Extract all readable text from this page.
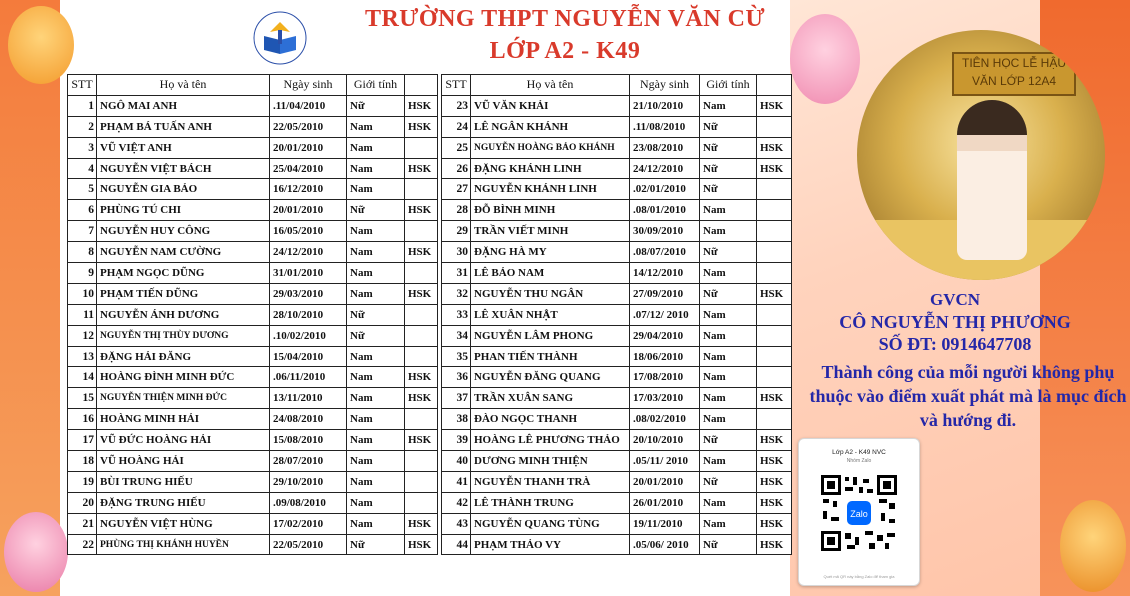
TRƯỜNG THPT NGUYỄN VĂN CỪ
LỚP A2 - K49
STT	Họ và tên	Ngày sinh	Giới tính	
1	NGÔ MAI ANH	.11/04/2010	Nữ	HSK
2	PHẠM BÁ TUẤN ANH	22/05/2010	Nam	HSK
3	VŨ VIỆT ANH	20/01/2010	Nam	
4	NGUYỄN VIỆT BÁCH	25/04/2010	Nam	HSK
5	NGUYỄN GIA BẢO	16/12/2010	Nam	
6	PHÙNG TÚ CHI	20/01/2010	Nữ	HSK
7	NGUYỄN HUY CÔNG	16/05/2010	Nam	
8	NGUYỄN NAM CƯỜNG	24/12/2010	Nam	HSK
9	PHẠM NGỌC DŨNG	31/01/2010	Nam	
10	PHẠM TIẾN DŨNG	29/03/2010	Nam	HSK
11	NGUYỄN ÁNH DƯƠNG	28/10/2010	Nữ	
12	NGUYỄN THỊ THÙY DƯƠNG	.10/02/2010	Nữ	
13	ĐẶNG HẢI ĐĂNG	15/04/2010	Nam	
14	HOÀNG ĐÌNH MINH ĐỨC	.06/11/2010	Nam	HSK
15	NGUYỄN THIỆN MINH ĐỨC	13/11/2010	Nam	HSK
16	HOÀNG MINH HẢI	24/08/2010	Nam	
17	VŨ ĐỨC HOÀNG HẢI	15/08/2010	Nam	HSK
18	VŨ HOÀNG HẢI	28/07/2010	Nam	
19	BÙI TRUNG HIẾU	29/10/2010	Nam	
20	ĐẶNG TRUNG HIẾU	.09/08/2010	Nam	
21	NGUYỄN VIỆT HÙNG	17/02/2010	Nam	HSK
22	PHÙNG THỊ KHÁNH HUYỀN	22/05/2010	Nữ	HSK
STT	Họ và tên	Ngày sinh	Giới tính	
23	VŨ VĂN KHẢI	21/10/2010	Nam	HSK
24	LÊ NGÂN KHÁNH	.11/08/2010	Nữ	
25	NGUYỄN HOÀNG BẢO KHÁNH	23/08/2010	Nữ	HSK
26	ĐẶNG KHÁNH LINH	24/12/2010	Nữ	HSK
27	NGUYỄN KHÁNH LINH	.02/01/2010	Nữ	
28	ĐỖ BÌNH MINH	.08/01/2010	Nam	
29	TRẦN VIẾT MINH	30/09/2010	Nam	
30	ĐẶNG HÀ MY	.08/07/2010	Nữ	
31	LÊ BẢO NAM	14/12/2010	Nam	
32	NGUYỄN THU NGÂN	27/09/2010	Nữ	HSK
33	LÊ XUÂN NHẬT	.07/12/ 2010	Nam	
34	NGUYỄN LÂM PHONG	29/04/2010	Nam	
35	PHAN TIẾN THÀNH	18/06/2010	Nam	
36	NGUYỄN ĐĂNG QUANG	17/08/2010	Nam	
37	TRẦN XUÂN SANG	17/03/2010	Nam	HSK
38	ĐÀO NGỌC THANH	.08/02/2010	Nam	
39	HOÀNG LÊ PHƯƠNG THẢO	20/10/2010	Nữ	HSK
40	DƯƠNG MINH THIỆN	.05/11/ 2010	Nam	HSK
41	NGUYỄN THANH TRÀ	20/01/2010	Nữ	HSK
42	LÊ THÀNH TRUNG	26/01/2010	Nam	HSK
43	NGUYỄN QUANG TÙNG	19/11/2010	Nam	HSK
44	PHẠM THẢO VY	.05/06/ 2010	Nữ	HSK
TIÊN HỌC LỄ HẬU VĂN LỚP 12A4
GVCN
CÔ NGUYỄN THỊ PHƯƠNG
SỐ ĐT: 0914647708
Thành công của mỗi người không phụ thuộc vào điểm xuất phát mà là mục đích và hướng đi.
Lớp A2 - K49 NVC
Nhóm Zalo
Zalo
Quét mã QR này bằng Zalo để tham gia
